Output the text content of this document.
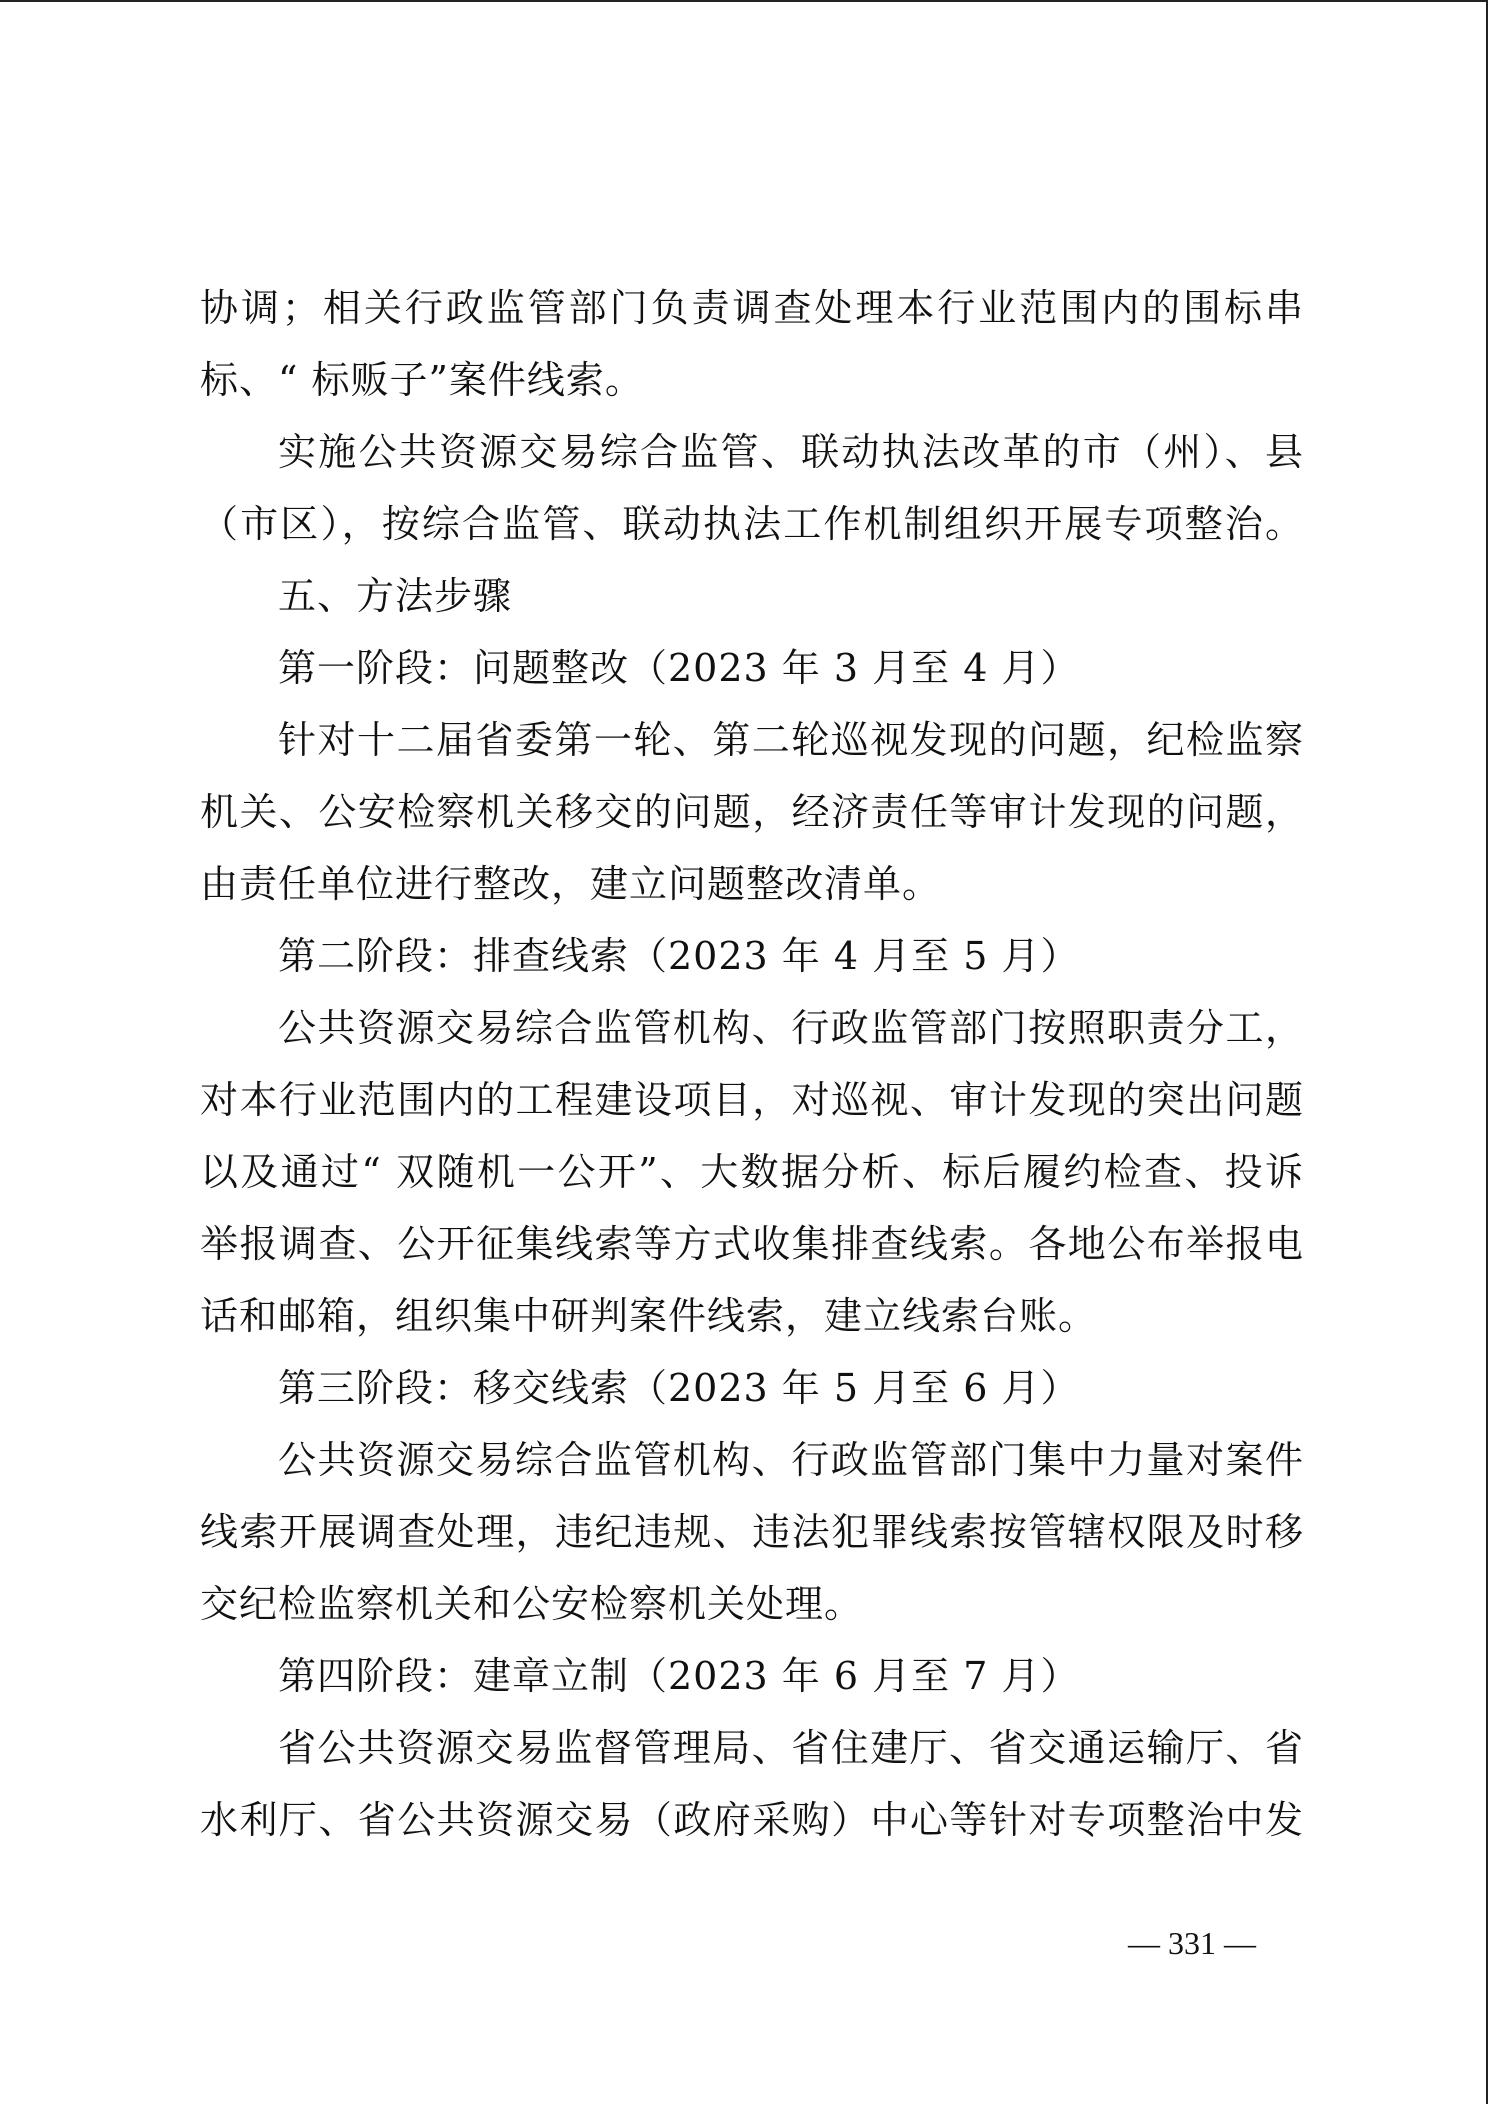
协调；相关行政监管部门负责调查处理本行业范围内的围标串
标、“ 标贩子”案件线索。
实施公共资源交易综合监管、联动执法改革的市（州）、县
（市区），按综合监管、联动执法工作机制组织开展专项整治。
五、方法步骤
第一阶段：问题整改（2023 年 3 月至 4 月）
针对十二届省委第一轮、第二轮巡视发现的问题，纪检监察
机关、公安检察机关移交的问题，经济责任等审计发现的问题，
由责任单位进行整改，建立问题整改清单。
第二阶段：排查线索（2023 年 4 月至 5 月）
公共资源交易综合监管机构、行政监管部门按照职责分工，
对本行业范围内的工程建设项目，对巡视、审计发现的突出问题
以及通过“ 双随机一公开”、大数据分析、标后履约检查、投诉
举报调查、公开征集线索等方式收集排查线索。各地公布举报电
话和邮箱，组织集中研判案件线索，建立线索台账。
第三阶段：移交线索（2023 年 5 月至 6 月）
公共资源交易综合监管机构、行政监管部门集中力量对案件
线索开展调查处理，违纪违规、违法犯罪线索按管辖权限及时移
交纪检监察机关和公安检察机关处理。
第四阶段：建章立制（2023 年 6 月至 7 月）
省公共资源交易监督管理局、省住建厅、省交通运输厅、省
水利厅、省公共资源交易（政府采购）中心等针对专项整治中发
— 331 —
